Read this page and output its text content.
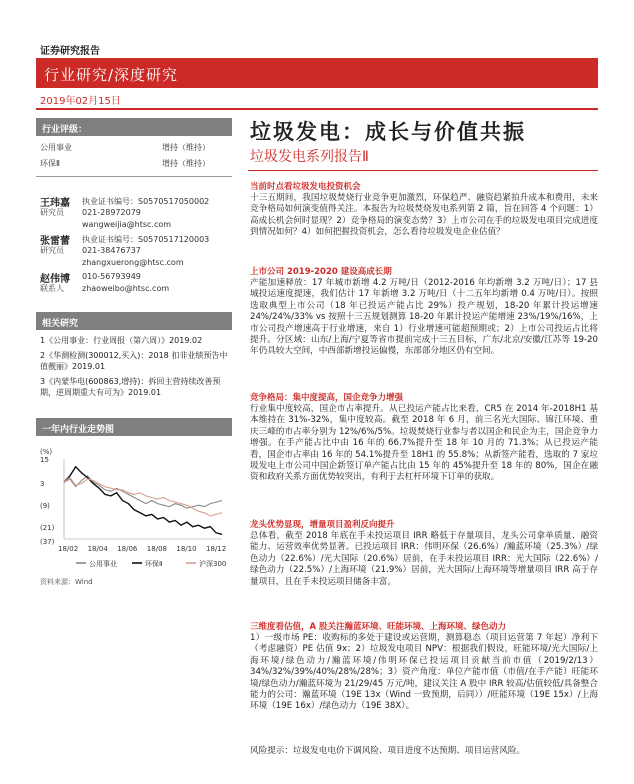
证券研究报告
行业研究/深度研究
2019年02月15日
行业评级：
公用事业	增持（维持）
环保Ⅱ	增持（维持）
王玮嘉
研究员
执业证书编号：S0570517050002
021-28972079
wangweijia@htsc.com
张雷蕾
研究员
执业证书编号：S0570517120003
021-38476737
zhangxuerong@htsc.com
赵伟博
联系人
010-56793949
zhaoweibo@htsc.com
相关研究
1《公用事业：行业周报（第六周）》2019.02
2《华测检测(300012,买入)：2018 扣非业绩预告中值靓丽》2019.01
3《内蒙华电(600863,增持)：拆回主营持续改善预期，逆周期重大有可为》2019.01
一年内行业走势图
(%)
15
3
(9)
(21)
(37)
18/02 18/04 18/06 18/08 18/10 18/12
公用事业	环保Ⅱ	沪深300
资料来源：Wind
垃圾发电：成长与价值共振
垃圾发电系列报告Ⅱ
当前时点看垃圾发电投资机会
十三五期间，我国垃圾焚烧行业竞争更加激烈，环保趋严、融资趋紧拍升成本和费用，未来竞争格局如何演变值得关注。本报告为垃圾焚烧发电系列第 2 篇，旨在回答 4 个问题：1）高成长机会何时显现？2）竞争格局的演变态势？3）上市公司在手的垃圾发电项目完成进度到情况如何？4）如何把握投资机会，怎么看待垃圾发电企业估值？
上市公司 2019-2020 建设高成长期
产能加速释放：17 年城市新增 4.2 万吨/日（2012-2016 年均新增 3.2 万吨/日）；17 县城投运速度提速，我们估计 17 年新增 3.2 万吨/日（十二五年均新增 0.4 万吨/日）。按照选取典型上市公司（18 年已投运产能占比 29%）投产规划，18-20 年累计投运增速 24%/24%/33% vs 按照十三五规划测算 18-20 年累计投运产能增速 23%/19%/16%，上市公司投产增速高于行业增速，来自 1）行业增速可能超预期或；2）上市公司投运占比将提升。分区域：山东/上海/宁夏等省市提前完成十三五目标，广东/北京/安徽/江苏等 19-20 年仍具较大空间，中西部新增投运偏慢，东部部分地区仍有空间。
竞争格局：集中度提高，国企竞争力增强
行业集中度较高，国企市占率提升。从已投运产能占比来看，CR5 在 2014 年-2018H1 基本维持在 31%-32%，集中度较高。截至 2018 年 6 月，前三名光大国际、锦江环境、重庆三峰的市占率分别为 12%/6%/5%。垃圾焚烧行业参与者以国企和民企为主，国企竞争力增强。在手产能占比中由 16 年的 66.7%提升至 18 年 10 月的 71.3%；从已投运产能看，国企市占率由 16 年的 54.1%提升至 18H1 的 55.8%；从新签产能看，选取的 7 家垃圾发电上市公司中国企新签订单产能占比由 15 年的 45%提升至 18 年的 80%，国企在融资和政府关系方面优势较突出，有利于去杠杆环境下订单的获取。
龙头优势显现，增量项目盈利反向提升
总体看，截至 2018 年底在手未投运项目 IRR 略低于存量项目，龙头公司拿单质量、融资能力、运营效率优势显著。已投运项目 IRR：伟明环保（26.6%）/瀚蓝环境（25.3%）/绿色动力（22.6%）/光大国际（20.6%）居前，在手未投运项目 IRR：光大国际（22.6%）/绿色动力（22.5%）/上海环境（21.9%）居前，光大国际/上海环境等增量项目 IRR 高于存量项目，且在手未投运项目储备丰富。
三维度看估值，A 股关注瀚蓝环境、旺能环境、上海环境、绿色动力
1）一级市场 PE：收购标的多处于建设或运营期，测算稳态（项目运营第 7 年起）净利下（考虑融资）PE 估值 9x；2）垃圾发电项目 NPV：根据我们假设，旺能环境/光大国际/上海环境/绿色动力/瀚蓝环境/伟明环保已投运项目贡献当前市值（2019/2/13）34%/32%/39%/40%/28%/28%；3）资产角度：单位产能市值（市值/在手产能）旺能环境/绿色动力/瀚蓝环境为 21/29/45 万元/吨，建议关注 A 股中 IRR 较高/估值较低/具备整合能力的公司：瀚蓝环境（19E 13x（Wind 一致预期，后同））/旺能环境（19E 15x）/上海环境（19E 16x）/绿色动力（19E 38X）。
风险提示：垃圾发电电价下调风险、项目进度不达预期、项目运营风险。
